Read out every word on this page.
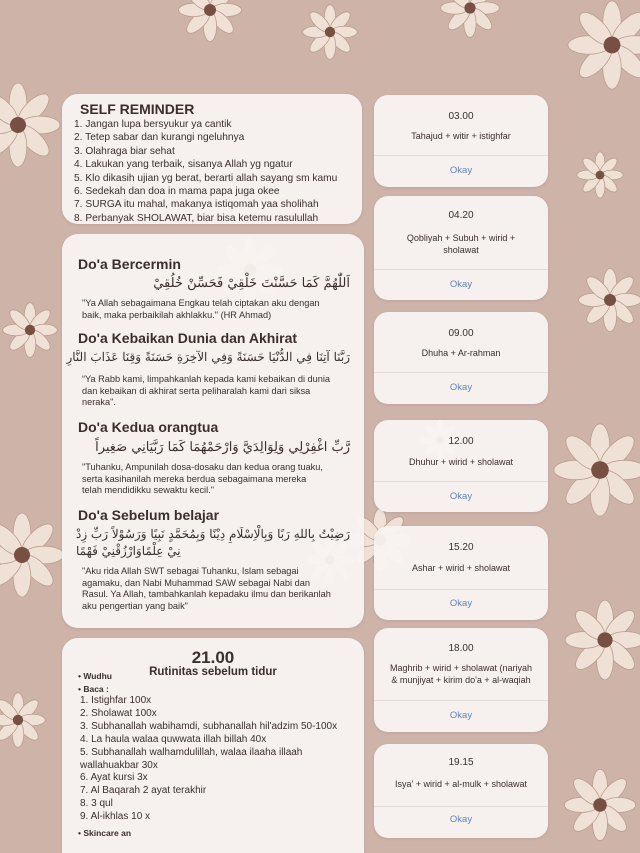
SELF REMINDER
1. Jangan lupa bersyukur ya cantik
2. Tetep sabar dan kurangi ngeluhnya
3. Olahraga biar sehat
4. Lakukan yang terbaik, sisanya Allah yg ngatur
5. Klo dikasih ujian yg berat, berarti allah sayang sm kamu
6. Sedekah dan doa in mama papa juga okee
7. SURGA itu mahal, makanya istiqomah yaa sholihah
8. Perbanyak SHOLAWAT, biar bisa ketemu rasulullah
Do'a Bercermin
اَللّٰهُمَّ كَمَا حَسَّنْتَ خَلْقِيْ فَحَسِّنْ خُلُقِيْ
"Ya Allah sebagaimana Engkau telah ciptakan aku dengan
baik, maka perbaikilah akhlakku." (HR Ahmad)
Do'a Kebaikan Dunia dan Akhirat
رَبَّنَا آتِنَا فِي الدُّنْيَا حَسَنَةً وَفِي الآخِرَةِ حَسَنَةً وَقِنَا عَذَابَ النَّارِ
“Ya Rabb kami, limpahkanlah kepada kami kebaikan di dunia
dan kebaikan di akhirat serta peliharalah kami dari siksa
neraka".
Do'a Kedua orangtua
رَّبِّ اغْفِرْلِي وَلِوَالِدَيَّ وَارْحَمْهُمَا كَمَا رَبَّيَانِي صَغِيراً
"Tuhanku, Ampunilah dosa-dosaku dan kedua orang tuaku,
serta kasihanilah mereka berdua sebagaimana mereka
telah mendidikku sewaktu kecil."
Do'a Sebelum belajar
رَضِيْتُ بِاللهِ رَبًا وَبِالْاِسْلَامِ دِيْنًا وَبِمُحَمَّدٍ نَبِيًا وَرَسُوْلاً رَبِّ زِدْ
نِيْ عِلْمًاوَارْزُقْنِيْ فَهْمًا
"Aku rida Allah SWT sebagai Tuhanku, Islam sebagai
agamaku, dan Nabi Muhammad SAW sebagai Nabi dan
Rasul. Ya Allah, tambahkanlah kepadaku ilmu dan berikanlah
aku pengertian yang baik"
21.00
Rutinitas sebelum tidur
• Wudhu
• Baca :
1. Istighfar 100x
2. Sholawat 100x
3. Subhanallah wabihamdi, subhanallah hil'adzim 50-100x
4. La haula walaa quwwata illah billah 40x
5. Subhanallah walhamdulillah, walaa ilaaha illaah
wallahuakbar 30x
6. Ayat kursi 3x
7. Al Baqarah 2 ayat terakhir
8. 3 qul
9. Al-ikhlas 10 x
• Skincare an
03.00
Tahajud + witir + istighfar
Okay
04.20
Qobliyah + Subuh + wirid +
sholawat
Okay
09.00
Dhuha + Ar-rahman
Okay
12.00
Dhuhur + wirid + sholawat
Okay
15.20
Ashar + wirid + sholawat
Okay
18.00
Maghrib + wirid + sholawat (nariyah
& munjiyat + kirim do'a + al-waqiah
Okay
19.15
Isya' + wirid + al-mulk + sholawat
Okay
